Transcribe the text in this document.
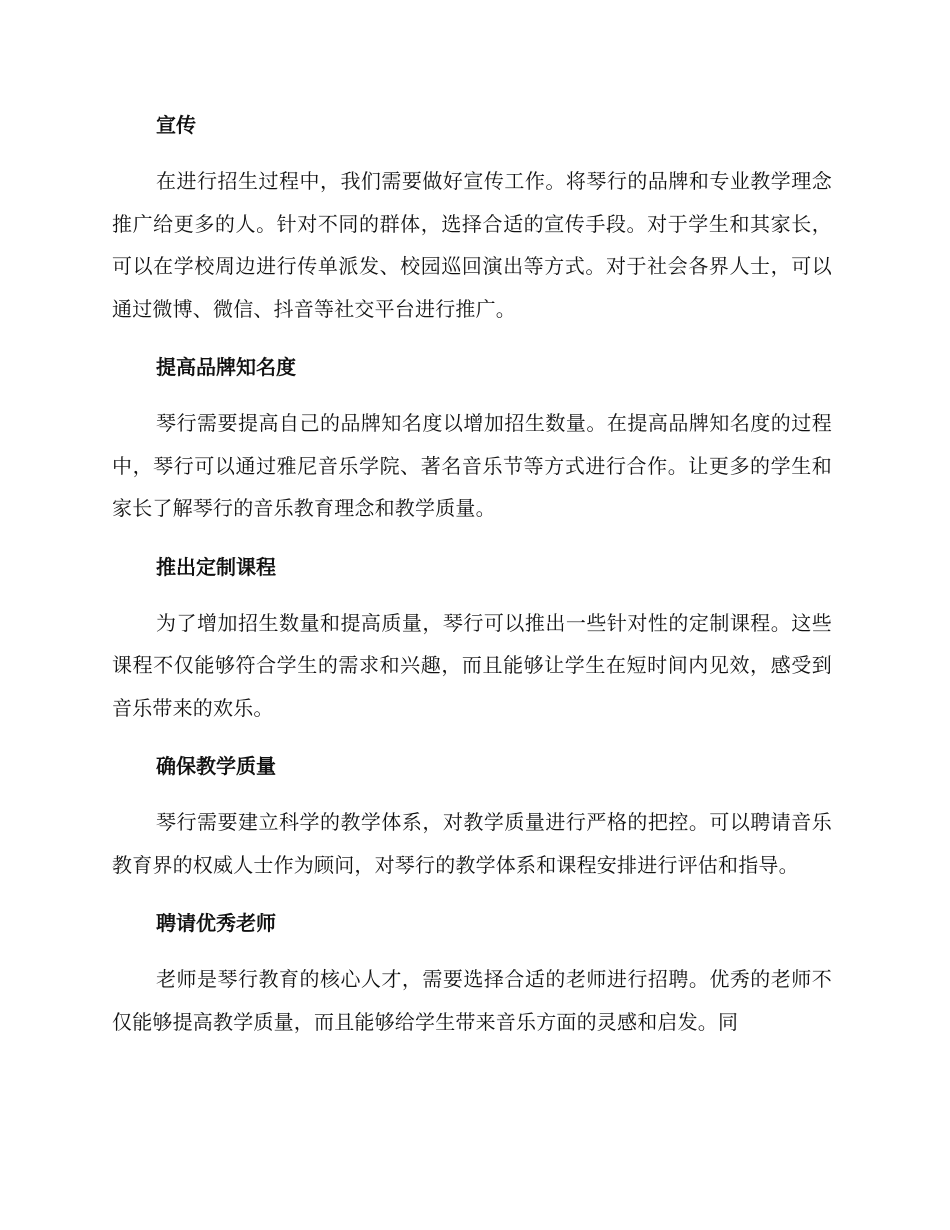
宣传

在进行招生过程中，我们需要做好宣传工作。将琴行的品牌和专业教学理念推广给更多的人。针对不同的群体，选择合适的宣传手段。对于学生和其家长，可以在学校周边进行传单派发、校园巡回演出等方式。对于社会各界人士，可以通过微博、微信、抖音等社交平台进行推广。

提高品牌知名度

琴行需要提高自己的品牌知名度以增加招生数量。在提高品牌知名度的过程中，琴行可以通过雅尼音乐学院、著名音乐节等方式进行合作。让更多的学生和家长了解琴行的音乐教育理念和教学质量。

推出定制课程

为了增加招生数量和提高质量，琴行可以推出一些针对性的定制课程。这些课程不仅能够符合学生的需求和兴趣，而且能够让学生在短时间内见效，感受到音乐带来的欢乐。

确保教学质量

琴行需要建立科学的教学体系，对教学质量进行严格的把控。可以聘请音乐教育界的权威人士作为顾问，对琴行的教学体系和课程安排进行评估和指导。

聘请优秀老师

老师是琴行教育的核心人才，需要选择合适的老师进行招聘。优秀的老师不仅能够提高教学质量，而且能够给学生带来音乐方面的灵感和启发。同
